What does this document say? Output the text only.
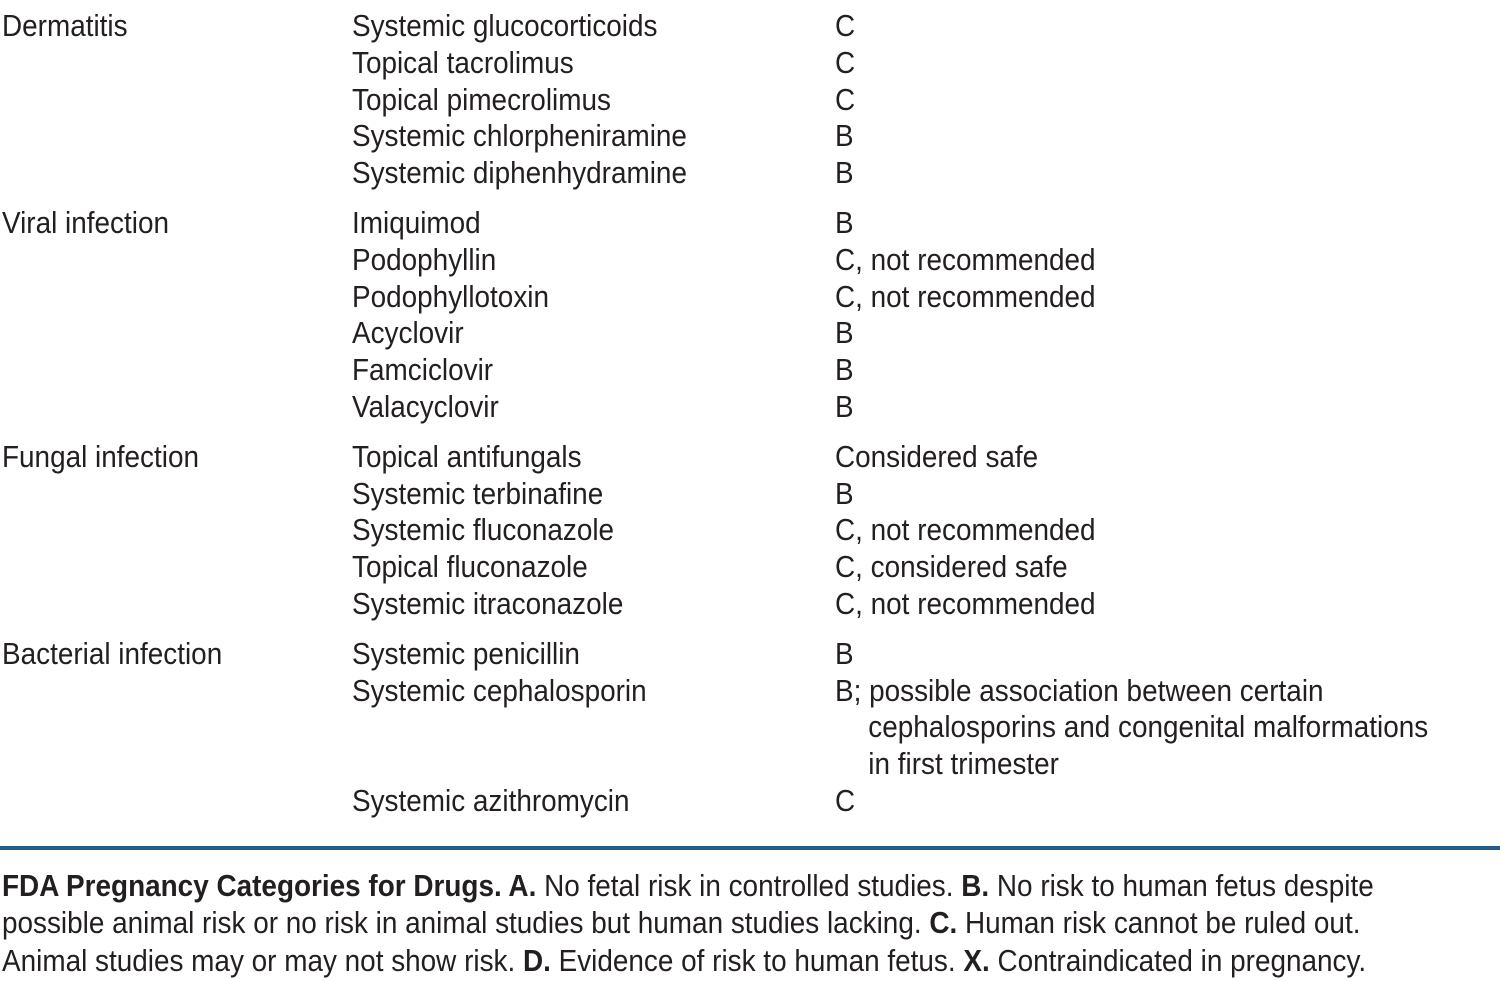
Dermatitis	Systemic glucocorticoids	C
Topical tacrolimus	C
Topical pimecrolimus	C
Systemic chlorpheniramine	B
Systemic diphenhydramine	B
Viral infection	Imiquimod	B
Podophyllin	C, not recommended
Podophyllotoxin	C, not recommended
Acyclovir	B
Famciclovir	B
Valacyclovir	B
Fungal infection	Topical antifungals	Considered safe
Systemic terbinafine	B
Systemic fluconazole	C, not recommended
Topical fluconazole	C, considered safe
Systemic itraconazole	C, not recommended
Bacterial infection	Systemic penicillin	B
Systemic cephalosporin	B; possible association between certain
cephalosporins and congenital malformations
in first trimester
Systemic azithromycin	C
FDA Pregnancy Categories for Drugs. A. No fetal risk in controlled studies. B. No risk to human fetus despite
possible animal risk or no risk in animal studies but human studies lacking. C. Human risk cannot be ruled out.
Animal studies may or may not show risk. D. Evidence of risk to human fetus. X. Contraindicated in pregnancy.
